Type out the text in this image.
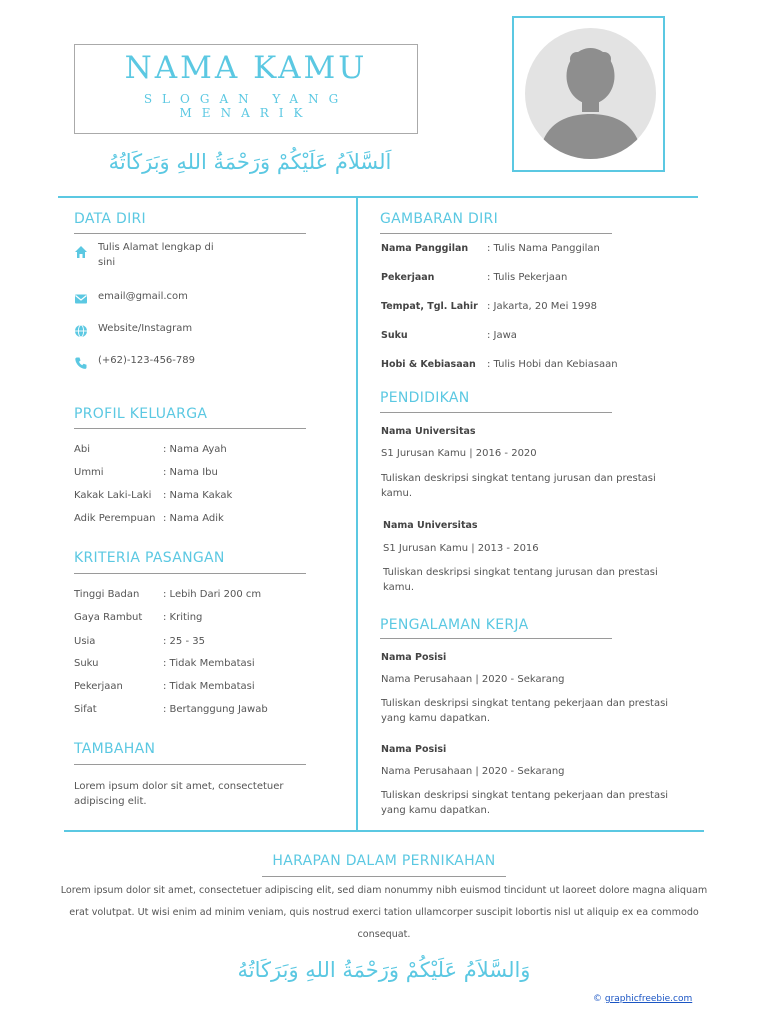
NAMA KAMU
SLOGAN YANG MENARIK
اَلسَّلاَمُ عَلَيْكُمْ وَرَحْمَةُ اللهِ وَبَرَكَاتُهُ
DATA DIRI
Tulis Alamat lengkap di
sini
email@gmail.com
Website/Instagram
(+62)-123-456-789
PROFIL KELUARGA
Abi	: Nama Ayah
Ummi	: Nama Ibu
Kakak Laki-Laki : Nama Kakak
Adik Perempuan : Nama Adik
KRITERIA PASANGAN
Tinggi Badan : Lebih Dari 200 cm
Gaya Rambut : Kriting
Usia	: 25 - 35
Suku	: Tidak Membatasi
Pekerjaan	: Tidak Membatasi
Sifat	: Bertanggung Jawab
TAMBAHAN
Lorem ipsum dolor sit amet, consectetuer
adipiscing elit.
GAMBARAN DIRI
Nama Panggilan : Tulis Nama Panggilan
Pekerjaan	: Tulis Pekerjaan
Tempat, Tgl. Lahir : Jakarta, 20 Mei 1998
Suku	: Jawa
Hobi & Kebiasaan : Tulis Hobi dan Kebiasaan
PENDIDIKAN
Nama Universitas
S1 Jurusan Kamu | 2016 - 2020
Tuliskan deskripsi singkat tentang jurusan dan prestasi
kamu.
Nama Universitas
S1 Jurusan Kamu | 2013 - 2016
Tuliskan deskripsi singkat tentang jurusan dan prestasi
kamu.
PENGALAMAN KERJA
Nama Posisi
Nama Perusahaan | 2020 - Sekarang
Tuliskan deskripsi singkat tentang pekerjaan dan prestasi
yang kamu dapatkan.
Nama Posisi
Nama Perusahaan | 2020 - Sekarang
Tuliskan deskripsi singkat tentang pekerjaan dan prestasi
yang kamu dapatkan.
HARAPAN DALAM PERNIKAHAN
Lorem ipsum dolor sit amet, consectetuer adipiscing elit, sed diam nonummy nibh euismod tincidunt ut laoreet dolore magna aliquam
erat volutpat. Ut wisi enim ad minim veniam, quis nostrud exerci tation ullamcorper suscipit lobortis nisl ut aliquip ex ea commodo
consequat.
وَالسَّلاَمُ عَلَيْكُمْ وَرَحْمَةُ اللهِ وَبَرَكَاتُهُ
© graphicfreebie.com
